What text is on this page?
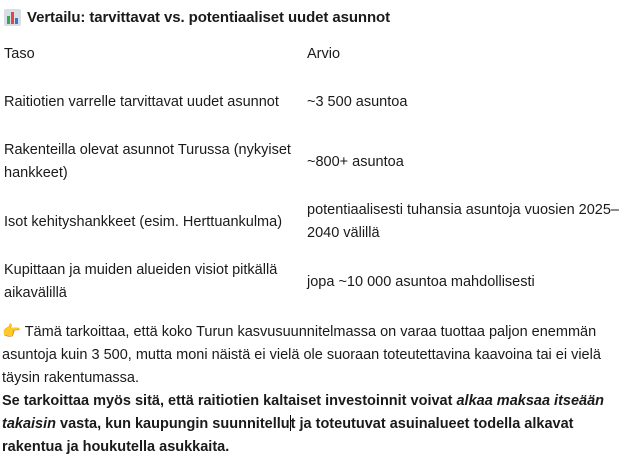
Vertailu: tarvittavat vs. potentiaaliset uudet asunnot
Taso	Arvio
Raitiotien varrelle tarvittavat uudet asunnot	~3 500 asuntoa
Rakenteilla olevat asunnot Turussa (nykyiset hankkeet)	~800+ asuntoa
Isot kehityshankkeet (esim. Herttuankulma)	potentiaalisesti tuhansia asuntoja vuosien 2025–2040 välillä
Kupittaan ja muiden alueiden visiot pitkällä aikavälillä	jopa ~10 000 asuntoa mahdollisesti

👉 Tämä tarkoittaa, että koko Turun kasvusuunnitelmassa on varaa tuottaa paljon enemmän asuntoja kuin 3 500, mutta moni näistä ei vielä ole suoraan toteutettavina kaavoina tai ei vielä täysin rakentumassa.

Se tarkoittaa myös sitä, että raitiotien kaltaiset investoinnit voivat alkaa maksaa itseään takaisin vasta, kun kaupungin suunnitellut ja toteutuvat asuinalueet todella alkavat rakentua ja houkutella asukkaita.
